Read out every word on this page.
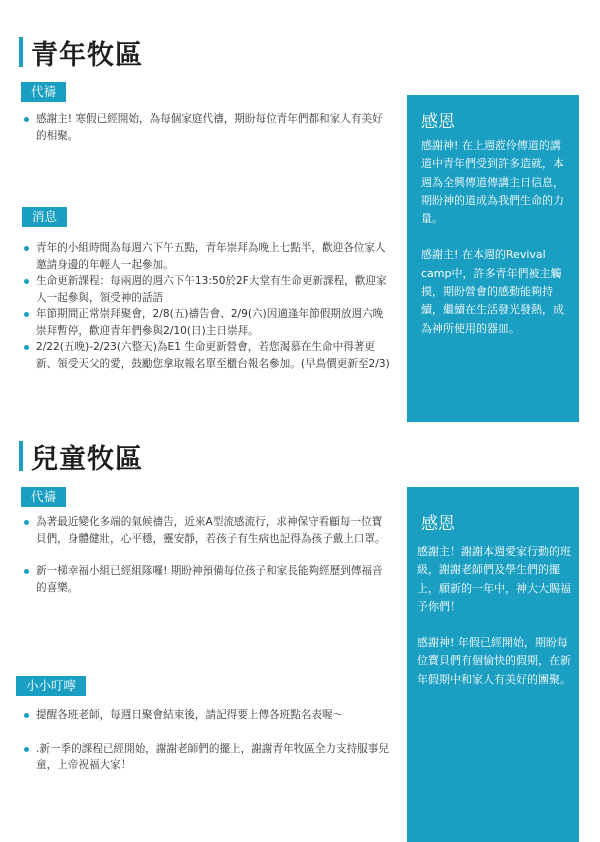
青年牧區
代禱
感謝主! 寒假已經開始，為每個家庭代禱，期盼每位青年們都和家人有美好的相聚。
消息
青年的小組時間為每週六下午五點，青年崇拜為晚上七點半，歡迎各位家人邀請身邊的年輕人一起參加。
生命更新課程：每兩週的週六下午13:50於2F大堂有生命更新課程，歡迎家人一起參與，領受神的話語
年節期間正常崇拜聚會，2/8(五)禱告會、2/9(六)因適逢年節假期放週六晚崇拜暫停，歡迎青年們參與2/10(日)主日崇拜。
2/22(五晚)-2/23(六整天)為E1 生命更新營會，若您渴慕在生命中得著更新、領受天父的愛，鼓勵您拿取報名單至櫃台報名參加。(早鳥價更新至2/3)
感恩

感謝神! 在上週蒞伶傳道的講道中青年們受到許多造就，本週為全興傳道傳講主日信息，期盼神的道成為我們生命的力量。

感謝主! 在本週的Revival camp中，許多青年們被主觸摸，期盼營會的感動能夠持續，繼續在生活發光發熱，成為神所使用的器皿。

兒童牧區
代禱
為著最近變化多端的氣候禱告，近來A型流感流行，求神保守看顧每一位寶貝們，身體健壯，心平穩，靈安靜，若孩子有生病也記得為孩子戴上口罩。
新一梯幸福小組已經組隊囉! 期盼神預備每位孩子和家長能夠經歷到傳福音的喜樂。
小小叮嚀
提醒各班老師，每週日聚會結束後，請記得要上傳各班點名表喔～
.新一季的課程已經開始，謝謝老師們的擺上，謝謝青年牧區全力支持服事兒童，上帝祝福大家！
感恩

感謝主！謝謝本週愛家行動的班級，謝謝老師們及學生們的擺上，願新的一年中，神大大賜福予你們！

感謝神! 年假已經開始，期盼每位寶貝們有個愉快的假期，在新年假期中和家人有美好的團聚。
